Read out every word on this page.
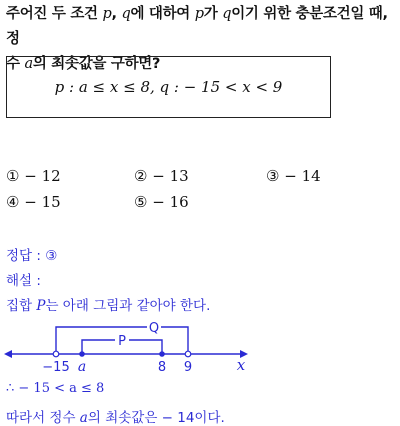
주어진 두 조건 p, q에 대하여 p가 q이기 위한 충분조건일 때, 정
수 a의 최솟값을 구하면?
p : a ≤ x ≤ 8, q : − 15 < x < 9
① − 12	② − 13	③ − 14
④ − 15	⑤ − 16
정답 : ③
해설 :
집합 P는 아래 그림과 같아야 한다.
Q
P
−15 a	8 9	x
∴ − 15 < a ≤ 8
따라서 정수 a의 최솟값은 − 14이다.
